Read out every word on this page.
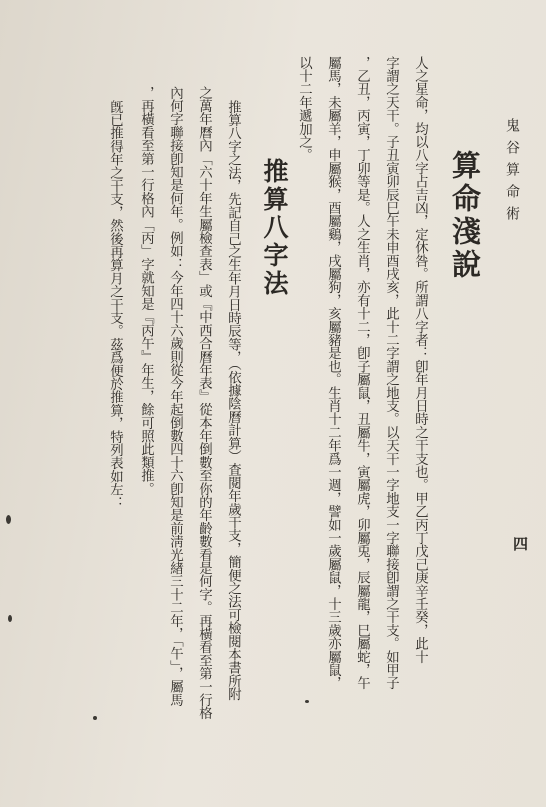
鬼谷算命術

四

算命淺說

人之星命，均以八字占吉凶，定休咎。所謂八字者：卽年月日時之干支也。甲乙丙丁戊己庚辛壬癸，此十

字謂之天干。子丑寅卯辰巳午未申酉戌亥，此十二字謂之地支。以天干一字地支一字聯接卽謂之干支。如甲子

，乙丑，丙寅，丁卯等是。人之生肖，亦有十二，卽子屬鼠，丑屬牛，寅屬虎，卯屬兎，辰屬龍，巳屬蛇，午

屬馬，未屬羊，申屬猴，酉屬鷄，戌屬狗，亥屬豬是也。生肖十二年爲一週，譬如一歲屬鼠，十三歲亦屬鼠，

以十二年遞加之。

推算八字法

推算八字之法，先記自己之生年月日時辰等，（依據陰曆計算）査閱年歲干支，簡便之法可檢閱本書所附

之萬年曆內「六十年生屬檢查表」或『中西合曆年表』從本年倒數至你的年齡數看是何字。再橫看至第一行格

內何字聯接卽知是何年。例如：今年四十六歲則從今年起倒數四十六卽知是前淸光緖三十二年，「午」，屬馬

，再橫看至第一行格內「丙」字就知是『丙午』年生，餘可照此類推。

旣已推得年之干支，然後再算月之干支。茲爲便於推算，特列表如左：
